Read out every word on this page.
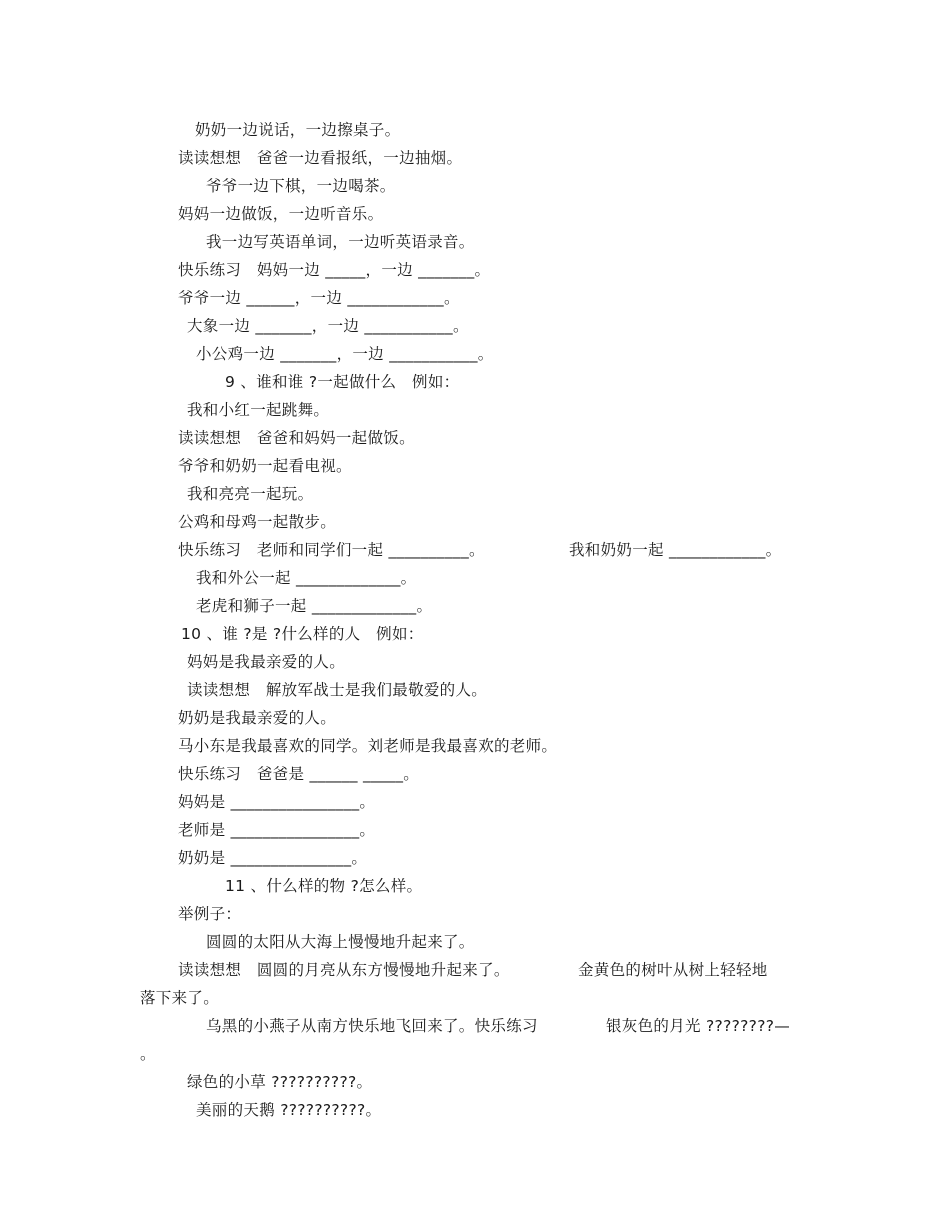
奶奶一边说话，一边擦桌子。
读读想想   爸爸一边看报纸，一边抽烟。
爷爷一边下棋，一边喝茶。
妈妈一边做饭，一边听音乐。
我一边写英语单词，一边听英语录音。
快乐练习   妈妈一边 _____，一边 _______。
爷爷一边 ______，一边 ____________。
大象一边 _______，一边 ___________。
小公鸡一边 _______，一边 ___________。
9 、谁和谁 ?一起做什么   例如：
我和小红一起跳舞。
读读想想   爸爸和妈妈一起做饭。
爷爷和奶奶一起看电视。
我和亮亮一起玩。
公鸡和母鸡一起散步。
快乐练习   老师和同学们一起 __________。	我和奶奶一起 ____________。
我和外公一起 _____________。
老虎和狮子一起 _____________。
10 、谁 ?是 ?什么样的人   例如：
妈妈是我最亲爱的人。
读读想想   解放军战士是我们最敬爱的人。
奶奶是我最亲爱的人。
马小东是我最喜欢的同学。刘老师是我最喜欢的老师。
快乐练习   爸爸是 ______ _____。
妈妈是 ________________。
老师是 ________________。
奶奶是 _______________。
11 、什么样的物 ?怎么样。
举例子：
圆圆的太阳从大海上慢慢地升起来了。
读读想想   圆圆的月亮从东方慢慢地升起来了。	金黄色的树叶从树上轻轻地
落下来了。
乌黑的小燕子从南方快乐地飞回来了。快乐练习	银灰色的月光 ????????—
。
绿色的小草 ??????????。
美丽的天鹅 ??????????。
